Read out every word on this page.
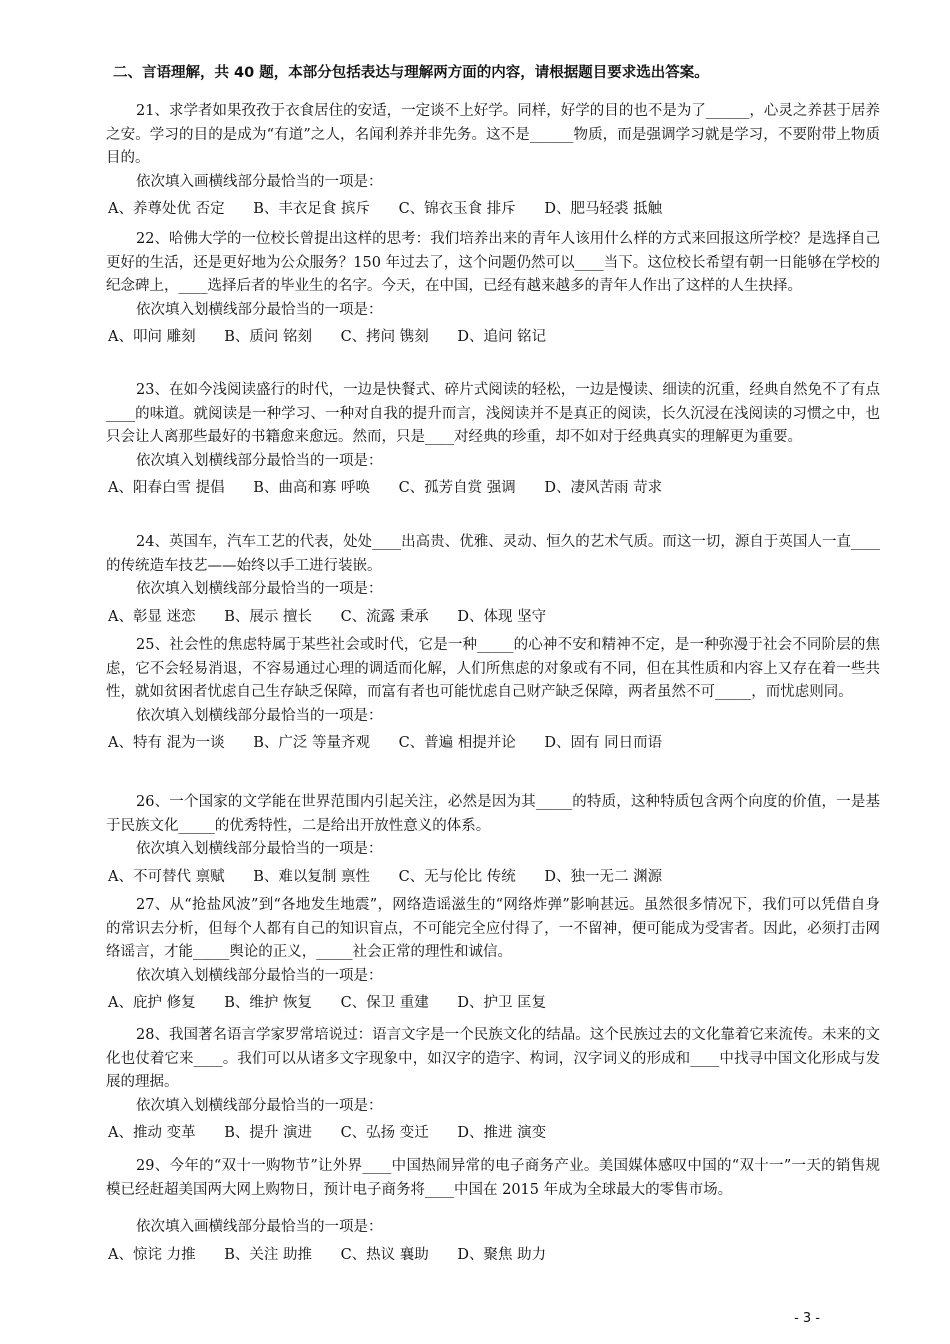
二、言语理解，共 40 题，本部分包括表达与理解两方面的内容，请根据题目要求选出答案。

21、求学者如果孜孜于衣食居住的安适，一定谈不上好学。同样，好学的目的也不是为了______，心灵之养甚于居养之安。学习的目的是成为“有道”之人，名闻利养并非先务。这不是______物质，而是强调学习就是学习，不要附带上物质目的。

依次填入画横线部分最恰当的一项是：

A、养尊处优 否定 B、丰衣足食 摈斥 C、锦衣玉食 排斥 D、肥马轻裘 抵触

22、哈佛大学的一位校长曾提出这样的思考：我们培养出来的青年人该用什么样的方式来回报这所学校？是选择自己更好的生活，还是更好地为公众服务？150 年过去了，这个问题仍然可以____当下。这位校长希望有朝一日能够在学校的纪念碑上，____选择后者的毕业生的名字。今天，在中国，已经有越来越多的青年人作出了这样的人生抉择。

依次填入划横线部分最恰当的一项是：

A、叩问 雕刻 B、质问 铭刻 C、拷问 镌刻 D、追问 铭记

23、在如今浅阅读盛行的时代，一边是快餐式、碎片式阅读的轻松，一边是慢读、细读的沉重，经典自然免不了有点____的味道。就阅读是一种学习、一种对自我的提升而言，浅阅读并不是真正的阅读，长久沉浸在浅阅读的习惯之中，也只会让人离那些最好的书籍愈来愈远。然而，只是____对经典的珍重，却不如对于经典真实的理解更为重要。

依次填入划横线部分最恰当的一项是：

A、阳春白雪 提倡 B、曲高和寡 呼唤 C、孤芳自赏 强调 D、凄风苦雨 苛求

24、英国车，汽车工艺的代表，处处____出高贵、优雅、灵动、恒久的艺术气质。而这一切，源自于英国人一直____的传统造车技艺——始终以手工进行装嵌。

依次填入划横线部分最恰当的一项是：

A、彰显 迷恋 B、展示 擅长 C、流露 秉承 D、体现 坚守

25、社会性的焦虑特属于某些社会或时代，它是一种_____的心神不安和精神不定，是一种弥漫于社会不同阶层的焦虑，它不会轻易消退，不容易通过心理的调适而化解，人们所焦虑的对象或有不同，但在其性质和内容上又存在着一些共性，就如贫困者忧虑自己生存缺乏保障，而富有者也可能忧虑自己财产缺乏保障，两者虽然不可_____，而忧虑则同。

依次填入划横线部分最恰当的一项是：

A、特有 混为一谈 B、广泛 等量齐观 C、普遍 相提并论 D、固有 同日而语

26、一个国家的文学能在世界范围内引起关注，必然是因为其_____的特质，这种特质包含两个向度的价值，一是基于民族文化_____的优秀特性，二是给出开放性意义的体系。

依次填入划横线部分最恰当的一项是：

A、不可替代 禀赋 B、难以复制 禀性 C、无与伦比 传统 D、独一无二 渊源

27、从“抢盐风波”到“各地发生地震”，网络造谣滋生的“网络炸弹”影响甚远。虽然很多情况下，我们可以凭借自身的常识去分析，但每个人都有自己的知识盲点，不可能完全应付得了，一不留神，便可能成为受害者。因此，必须打击网络谣言，才能_____舆论的正义，_____社会正常的理性和诚信。

依次填入划横线部分最恰当的一项是：

A、庇护 修复 B、维护 恢复 C、保卫 重建 D、护卫 匡复

28、我国著名语言学家罗常培说过：语言文字是一个民族文化的结晶。这个民族过去的文化靠着它来流传。未来的文化也仗着它来____。我们可以从诸多文字现象中，如汉字的造字、构词，汉字词义的形成和____中找寻中国文化形成与发展的理据。

依次填入划横线部分最恰当的一项是：

A、推动 变革 B、提升 演进 C、弘扬 变迁 D、推进 演变

29、今年的“双十一购物节”让外界____中国热闹异常的电子商务产业。美国媒体感叹中国的“双十一”一天的销售规模已经赶超美国两大网上购物日，预计电子商务将____中国在 2015 年成为全球最大的零售市场。

依次填入画横线部分最恰当的一项是：

A、惊诧 力推 B、关注 助推 C、热议 襄助 D、聚焦 助力
- 3 -
